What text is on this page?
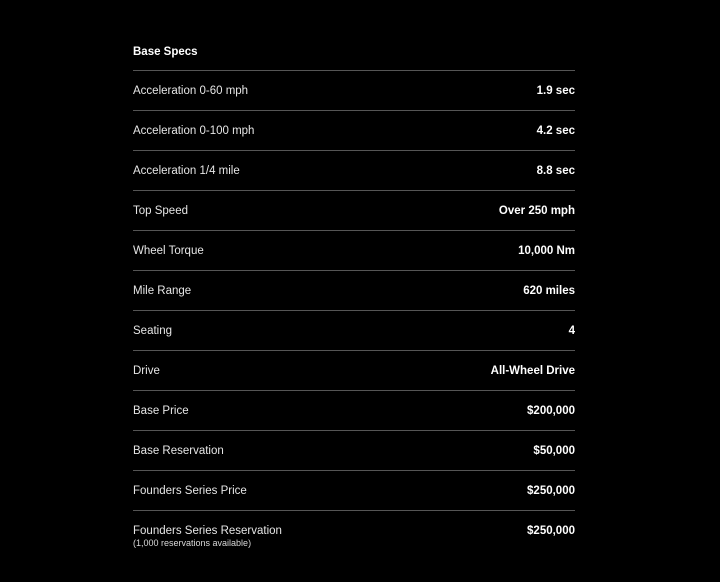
Base Specs
Acceleration 0-60 mph	1.9 sec
Acceleration 0-100 mph	4.2 sec
Acceleration 1/4 mile	8.8 sec
Top Speed	Over 250 mph
Wheel Torque	10,000 Nm
Mile Range	620 miles
Seating	4
Drive	All-Wheel Drive
Base Price	$200,000
Base Reservation	$50,000
Founders Series Price	$250,000
Founders Series Reservation	$250,000
(1,000 reservations available)
